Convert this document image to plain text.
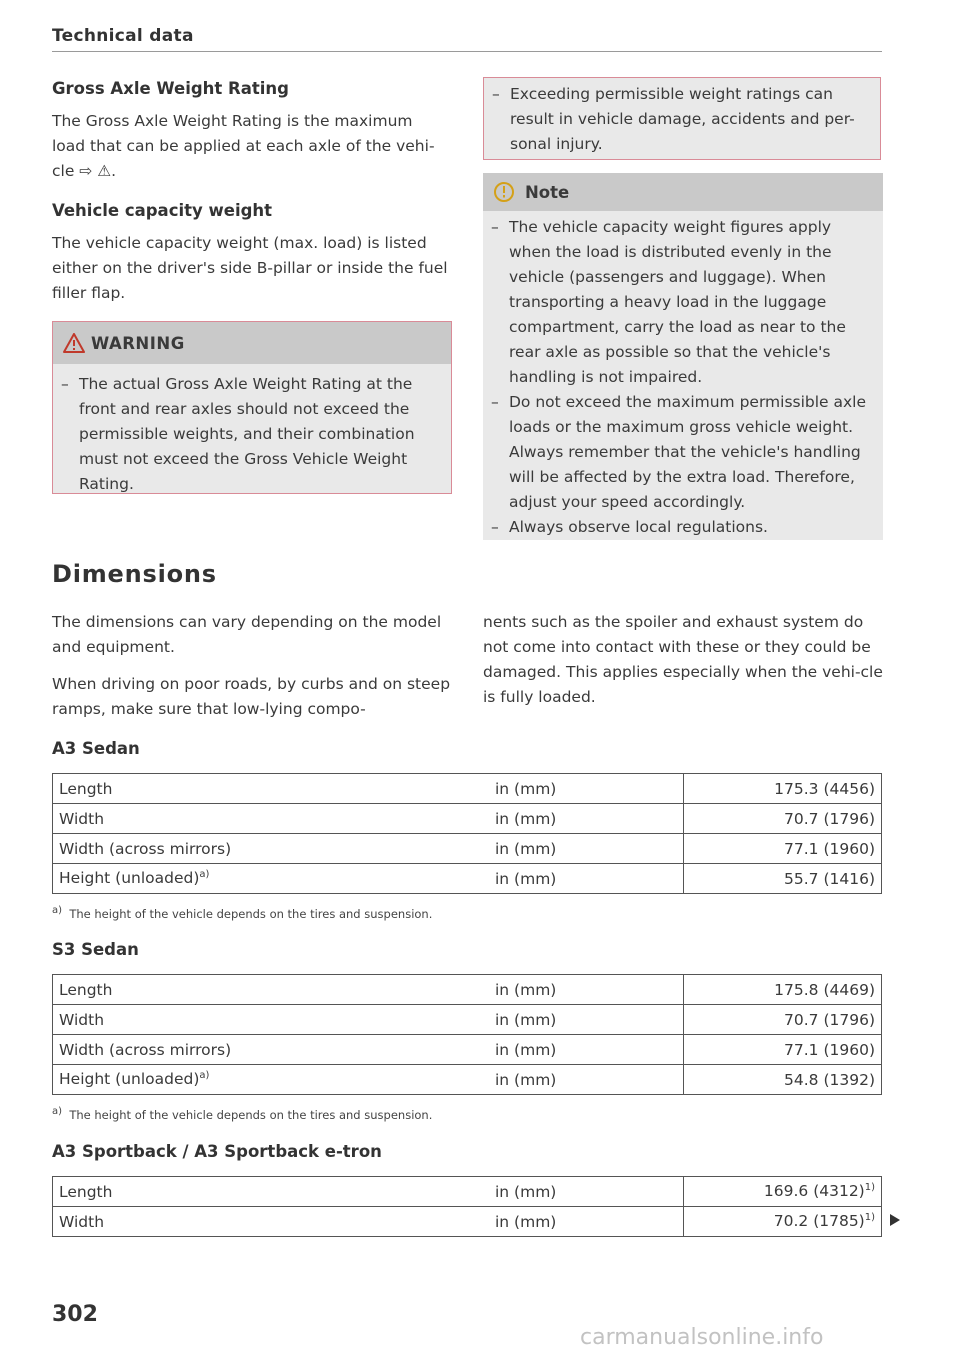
Technical data

Gross Axle Weight Rating

The Gross Axle Weight Rating is the maximum load that can be applied at each axle of the vehi-cle ⇨ ⚠.

Vehicle capacity weight

The vehicle capacity weight (max. load) is listed either on the driver's side B-pillar or inside the fuel filler flap.

WARNING
– The actual Gross Axle Weight Rating at the front and rear axles should not exceed the permissible weights, and their combination must not exceed the Gross Vehicle Weight Rating.
– Exceeding permissible weight ratings can result in vehicle damage, accidents and per-sonal injury.
Note
– The vehicle capacity weight figures apply when the load is distributed evenly in the vehicle (passengers and luggage). When transporting a heavy load in the luggage compartment, carry the load as near to the rear axle as possible so that the vehicle's handling is not impaired.
– Do not exceed the maximum permissible axle loads or the maximum gross vehicle weight. Always remember that the vehicle's handling will be affected by the extra load. Therefore, adjust your speed accordingly.
– Always observe local regulations.
Dimensions

The dimensions can vary depending on the model and equipment.

When driving on poor roads, by curbs and on steep ramps, make sure that low-lying compo-

nents such as the spoiler and exhaust system do not come into contact with these or they could be damaged. This applies especially when the vehi-cle is fully loaded.

A3 Sedan
Length	in (mm)	175.3 (4456)
Width	in (mm)	70.7 (1796)
Width (across mirrors)	in (mm)	77.1 (1960)
Height (unloaded)$^{a)}$	in (mm)	55.7 (1416)
$^{a)}$ The height of the vehicle depends on the tires and suspension.
S3 Sedan
Length	in (mm)	175.8 (4469)
Width	in (mm)	70.7 (1796)
Width (across mirrors)	in (mm)	77.1 (1960)
Height (unloaded)$^{a)}$	in (mm)	54.8 (1392)
$^{a)}$ The height of the vehicle depends on the tires and suspension.
A3 Sportback / A3 Sportback e-tron
Length	in (mm)	169.6 $(4312)^{1)}$
Width	in (mm)	70.2 $(1785)^{1)}$
302
carmanualsonline.info
